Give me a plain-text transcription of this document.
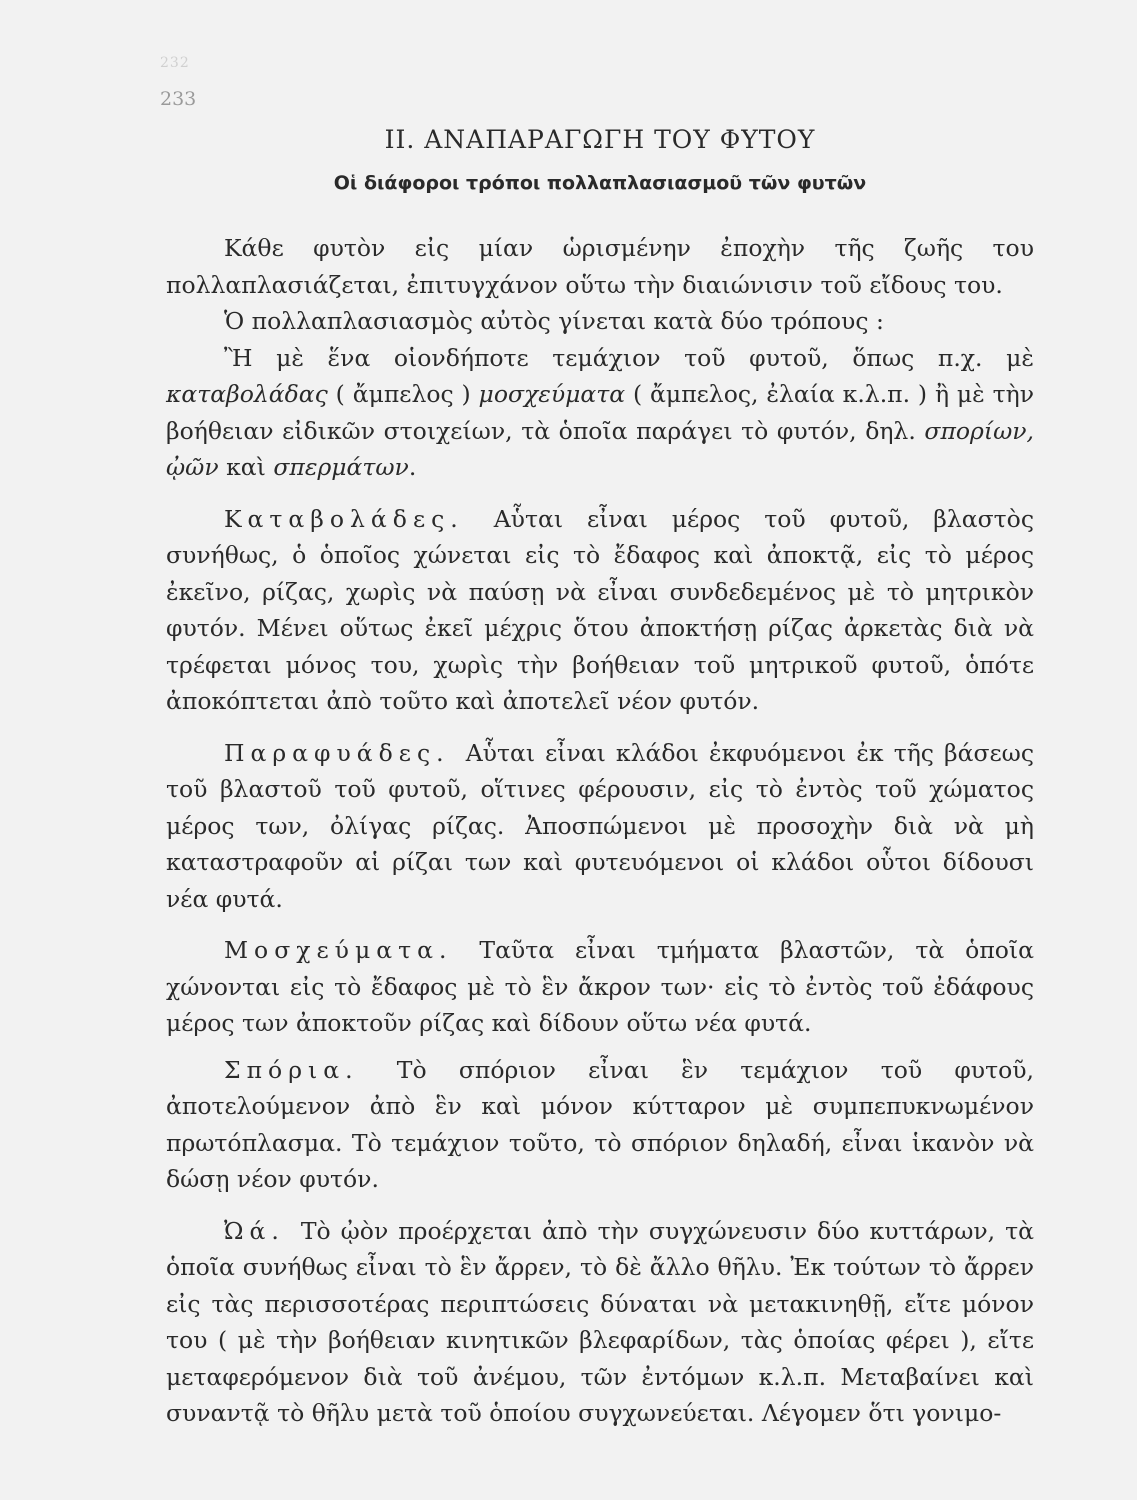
232
233
ΙΙ. ΑΝΑΠΑΡΑΓΩΓΗ ΤΟΥ ΦΥΤΟΥ
Οἱ διάφοροι τρόποι πολλαπλασιασμοῦ τῶν φυτῶν

Κάθε φυτὸν εἰς μίαν ὡρισμένην ἐποχὴν τῆς ζωῆς του πολλαπλασιάζεται, ἐπιτυγχάνον οὕτω τὴν διαιώνισιν τοῦ εἴδους του.

Ὁ πολλαπλασιασμὸς αὐτὸς γίνεται κατὰ δύο τρόπους :

Ἢ μὲ ἕνα οἱονδήποτε τεμάχιον τοῦ φυτοῦ, ὅπως π.χ. μὲ καταβολάδας ( ἄμπελος ) μοσχεύματα ( ἄμπελος, ἐλαία κ.λ.π. ) ἢ μὲ τὴν βοήθειαν εἰδικῶν στοιχείων, τὰ ὁποῖα παράγει τὸ φυτόν, δηλ. σπορίων, ᾠῶν καὶ σπερμάτων.

Καταβολάδες. Αὗται εἶναι μέρος τοῦ φυτοῦ, βλαστὸς συνήθως, ὁ ὁποῖος χώνεται εἰς τὸ ἔδαφος καὶ ἀποκτᾷ, εἰς τὸ μέρος ἐκεῖνο, ρίζας, χωρὶς νὰ παύσῃ νὰ εἶναι συνδεδεμένος μὲ τὸ μητρικὸν φυτόν. Μένει οὕτως ἐκεῖ μέχρις ὅτου ἀποκτήσῃ ρίζας ἀρκετὰς διὰ νὰ τρέφεται μόνος του, χωρὶς τὴν βοήθειαν τοῦ μητρικοῦ φυτοῦ, ὁπότε ἀποκόπτεται ἀπὸ τοῦτο καὶ ἀποτελεῖ νέον φυτόν.

Παραφυάδες. Αὗται εἶναι κλάδοι ἐκφυόμενοι ἐκ τῆς βάσεως τοῦ βλαστοῦ τοῦ φυτοῦ, οἵτινες φέρουσιν, εἰς τὸ ἐντὸς τοῦ χώματος μέρος των, ὀλίγας ρίζας. Ἀποσπώμενοι μὲ προσοχὴν διὰ νὰ μὴ καταστραφοῦν αἱ ρίζαι των καὶ φυτευόμενοι οἱ κλάδοι οὗτοι δίδουσι νέα φυτά.

Μοσχεύματα. Ταῦτα εἶναι τμήματα βλαστῶν, τὰ ὁποῖα χώνονται εἰς τὸ ἔδαφος μὲ τὸ ἓν ἄκρον των· εἰς τὸ ἐντὸς τοῦ ἐδάφους μέρος των ἀποκτοῦν ρίζας καὶ δίδουν οὕτω νέα φυτά.

Σπόρια. Τὸ σπόριον εἶναι ἓν τεμάχιον τοῦ φυτοῦ, ἀποτελούμενον ἀπὸ ἓν καὶ μόνον κύτταρον μὲ συμπεπυκνωμένον πρωτόπλασμα. Τὸ τεμάχιον τοῦτο, τὸ σπόριον δηλαδή, εἶναι ἱκανὸν νὰ δώσῃ νέον φυτόν.

Ὠά. Τὸ ᾠὸν προέρχεται ἀπὸ τὴν συγχώνευσιν δύο κυττάρων, τὰ ὁποῖα συνήθως εἶναι τὸ ἓν ἄρρεν, τὸ δὲ ἄλλο θῆλυ. Ἐκ τούτων τὸ ἄρρεν εἰς τὰς περισσοτέρας περιπτώσεις δύναται νὰ μετακινηθῇ, εἴτε μόνον του ( μὲ τὴν βοήθειαν κινητικῶν βλεφαρίδων, τὰς ὁποίας φέρει ), εἴτε μεταφερόμενον διὰ τοῦ ἀνέμου, τῶν ἐντόμων κ.λ.π. Μεταβαίνει καὶ συναντᾷ τὸ θῆλυ μετὰ τοῦ ὁποίου συγχωνεύεται. Λέγομεν ὅτι γονιμο-
